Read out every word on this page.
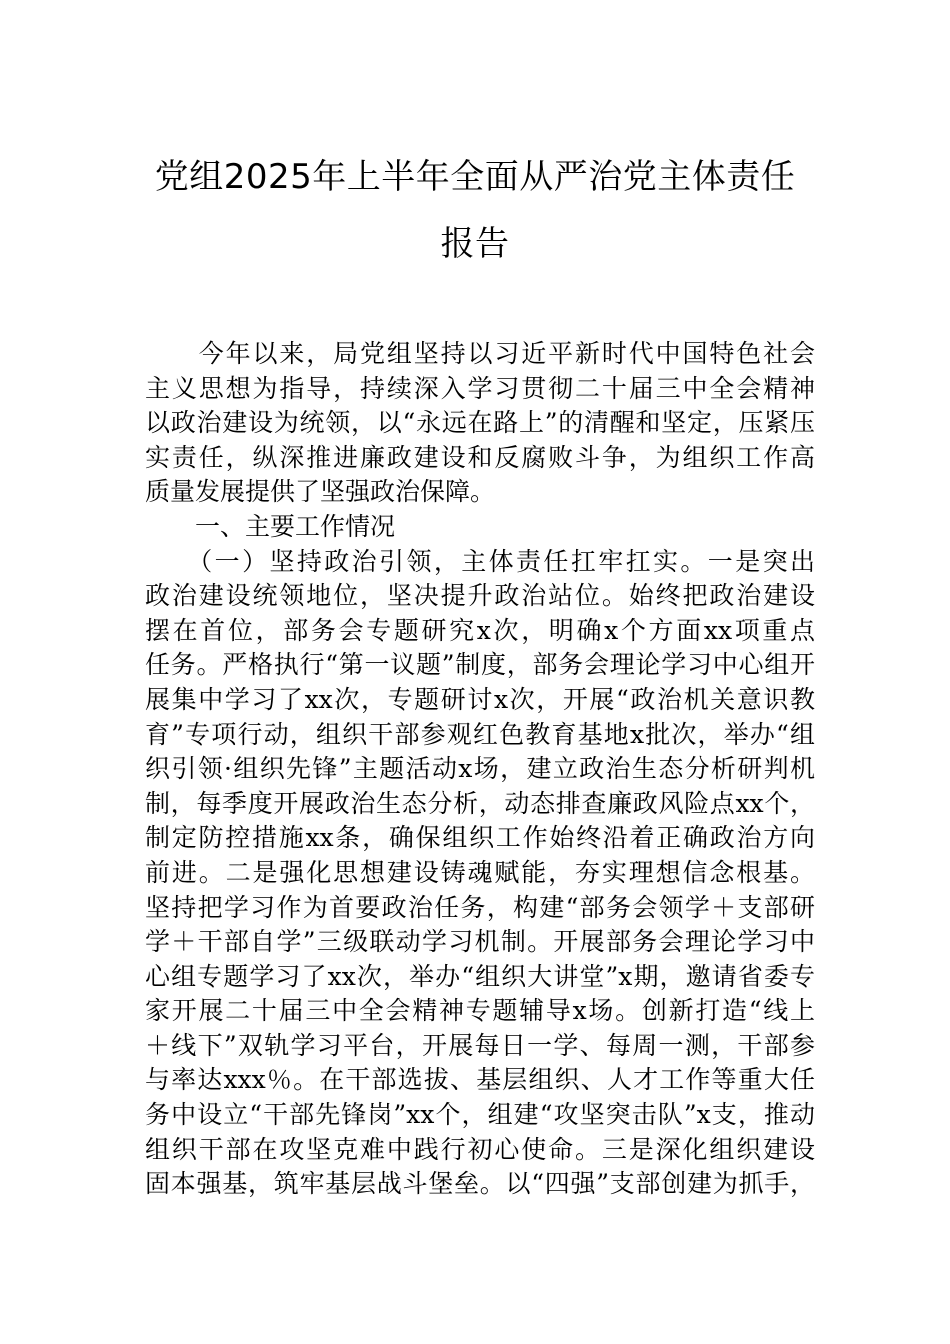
党组2025年上半年全面从严治党主体责任
报告
　　今年以来，局党组坚持以习近平新时代中国特色社会
主义思想为指导，持续深入学习贯彻二十届三中全会精神
以政治建设为统领，以“永远在路上”的清醒和坚定，压紧压
实责任，纵深推进廉政建设和反腐败斗争，为组织工作高
质量发展提供了坚强政治保障。
　　一、主要工作情况
　　（一）坚持政治引领，主体责任扛牢扛实。一是突出
政治建设统领地位，坚决提升政治站位。始终把政治建设
摆在首位，部务会专题研究x次，明确x个方面xx项重点
任务。严格执行“第一议题”制度，部务会理论学习中心组开
展集中学习了xx次，专题研讨x次，开展“政治机关意识教
育”专项行动，组织干部参观红色教育基地x批次，举办“组
织引领·组织先锋”主题活动x场，建立政治生态分析研判机
制，每季度开展政治生态分析，动态排查廉政风险点xx个，
制定防控措施xx条，确保组织工作始终沿着正确政治方向
前进。二是强化思想建设铸魂赋能，夯实理想信念根基。
坚持把学习作为首要政治任务，构建“部务会领学＋支部研
学＋干部自学”三级联动学习机制。开展部务会理论学习中
心组专题学习了xx次，举办“组织大讲堂”x期，邀请省委专
家开展二十届三中全会精神专题辅导x场。创新打造“线上
＋线下”双轨学习平台，开展每日一学、每周一测，干部参
与率达xxx％。在干部选拔、基层组织、人才工作等重大任
务中设立“干部先锋岗”xx个，组建“攻坚突击队”x支，推动
组织干部在攻坚克难中践行初心使命。三是深化组织建设
固本强基，筑牢基层战斗堡垒。以“四强”支部创建为抓手，
